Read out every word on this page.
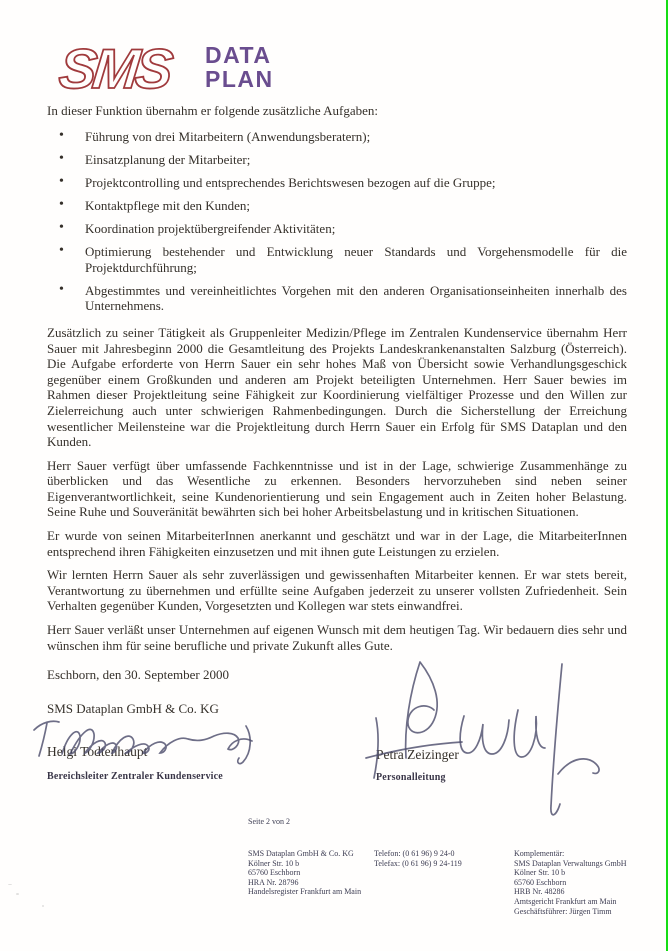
SMS DATA
PLAN

In dieser Funktion übernahm er folgende zusätzliche Aufgaben:

• Führung von drei Mitarbeitern (Anwendungsberatern);
• Einsatzplanung der Mitarbeiter;
• Projektcontrolling und entsprechendes Berichtswesen bezogen auf die Gruppe;
• Kontaktpflege mit den Kunden;
• Koordination projektübergreifender Aktivitäten;
• Optimierung bestehender und Entwicklung neuer Standards und Vorgehensmodelle für die Projektdurchführung;
• Abgestimmtes und vereinheitlichtes Vorgehen mit den anderen Organisationseinheiten innerhalb des Unternehmens.

Zusätzlich zu seiner Tätigkeit als Gruppenleiter Medizin/Pflege im Zentralen Kundenservice übernahm Herr Sauer mit Jahresbeginn 2000 die Gesamtleitung des Projekts Landeskrankenanstalten Salzburg (Österreich). Die Aufgabe erforderte von Herrn Sauer ein sehr hohes Maß von Übersicht sowie Verhandlungsgeschick gegenüber einem Großkunden und anderen am Projekt beteiligten Unternehmen. Herr Sauer bewies im Rahmen dieser Projektleitung seine Fähigkeit zur Koordinierung vielfältiger Prozesse und den Willen zur Zielerreichung auch unter schwierigen Rahmenbedingungen. Durch die Sicherstellung der Erreichung wesentlicher Meilensteine war die Projektleitung durch Herrn Sauer ein Erfolg für SMS Dataplan und den Kunden.

Herr Sauer verfügt über umfassende Fachkenntnisse und ist in der Lage, schwierige Zusammenhänge zu überblicken und das Wesentliche zu erkennen. Besonders hervorzuheben sind neben seiner Eigenverantwortlichkeit, seine Kundenorientierung und sein Engagement auch in Zeiten hoher Belastung. Seine Ruhe und Souveränität bewährten sich bei hoher Arbeitsbelastung und in kritischen Situationen.

Er wurde von seinen MitarbeiterInnen anerkannt und geschätzt und war in der Lage, die MitarbeiterInnen entsprechend ihren Fähigkeiten einzusetzen und mit ihnen gute Leistungen zu erzielen.

Wir lernten Herrn Sauer als sehr zuverlässigen und gewissenhaften Mitarbeiter kennen. Er war stets bereit, Verantwortung zu übernehmen und erfüllte seine Aufgaben jederzeit zu unserer vollsten Zufriedenheit. Sein Verhalten gegenüber Kunden, Vorgesetzten und Kollegen war stets einwandfrei.

Herr Sauer verläßt unser Unternehmen auf eigenen Wunsch mit dem heutigen Tag. Wir bedauern dies sehr und wünschen ihm für seine berufliche und private Zukunft alles Gute.

Eschborn, den 30. September 2000

SMS Dataplan GmbH & Co. KG
Helgi Todtenhaupt
Bereichsleiter Zentraler Kundenservice
Petra Zeizinger
Personalleitung
Seite 2 von 2
SMS Dataplan GmbH & Co. KG
Kölner Str. 10 b
65760 Eschborn
HRA Nr. 28796
Handelsregister Frankfurt am Main
Telefon: (0 61 96) 9 24-0
Telefax: (0 61 96) 9 24-119
Komplementär:
SMS Dataplan Verwaltungs GmbH
Kölner Str. 10 b
65760 Eschborn
HRB Nr. 48286
Amtsgericht Frankfurt am Main
Geschäftsführer: Jürgen Timm
